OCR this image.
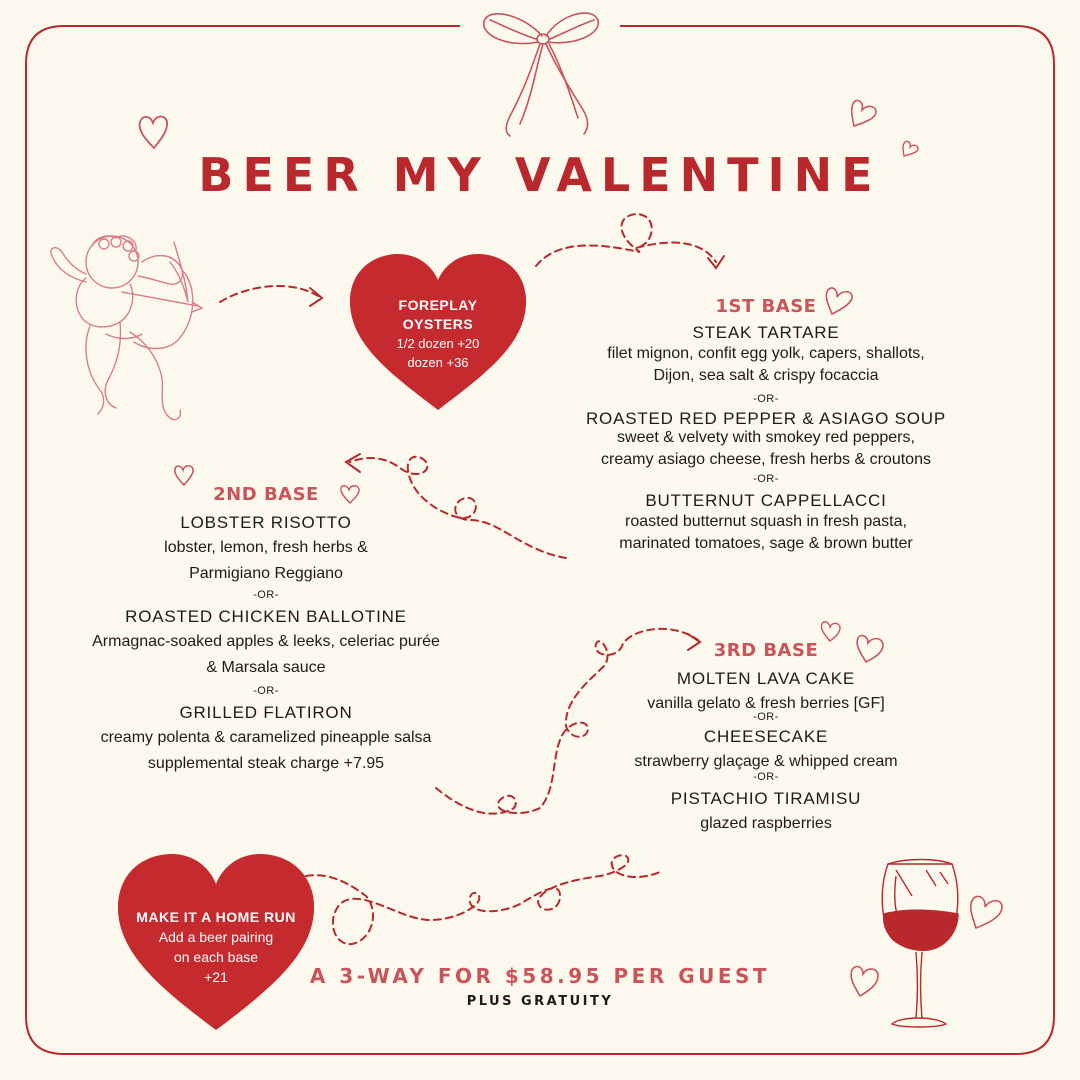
FOREPLAY
OYSTERS
1/2 dozen +20
dozen +36
BEER MY VALENTINE
1ST BASE
STEAK TARTARE
filet mignon, confit egg yolk, capers, shallots,
Dijon, sea salt & crispy focaccia
-OR-
ROASTED RED PEPPER & ASIAGO SOUP
sweet & velvety with smokey red peppers,
creamy asiago cheese, fresh herbs & croutons
-OR-
BUTTERNUT CAPPELLACCI
roasted butternut squash in fresh pasta,
marinated tomatoes, sage & brown butter
2ND BASE
LOBSTER RISOTTO
lobster, lemon, fresh herbs &
Parmigiano Reggiano
-OR-
ROASTED CHICKEN BALLOTINE
Armagnac-soaked apples & leeks, celeriac purée
& Marsala sauce
-OR-
GRILLED FLATIRON
creamy polenta & caramelized pineapple salsa
supplemental steak charge +7.95
3RD BASE
MOLTEN LAVA CAKE
vanilla gelato & fresh berries [GF]
-OR-
CHEESECAKE
strawberry glaçage & whipped cream
-OR-
PISTACHIO TIRAMISU
glazed raspberries
MAKE IT A HOME RUN
Add a beer pairing
on each base
+21	A 3-WAY FOR $58.95 PER GUEST
PLUS GRATUITY
